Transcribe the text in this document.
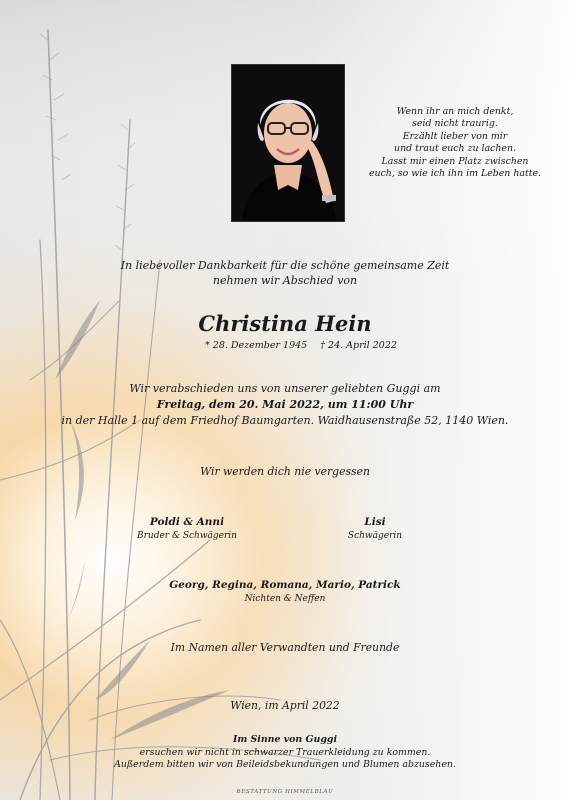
Wenn ihr an mich denkt,
seid nicht traurig.
Erzählt lieber von mir
und traut euch zu lachen.
Lasst mir einen Platz zwischen
euch, so wie ich ihn im Leben hatte.
In liebevoller Dankbarkeit für die schöne gemeinsame Zeit
nehmen wir Abschied von
Christina Hein
* 28. Dezember 1945 † 24. April 2022
Wir verabschieden uns von unserer geliebten Guggi am
Freitag, dem 20. Mai 2022, um 11:00 Uhr
in der Halle 1 auf dem Friedhof Baumgarten. Waidhausenstraße 52, 1140 Wien.
Wir werden dich nie vergessen
Poldi & Anni
Bruder & Schwägerin
Lisi
Schwägerin
Georg, Regina, Romana, Mario, Patrick
Nichten & Neffen
Im Namen aller Verwandten und Freunde
Wien, im April 2022
Im Sinne von Guggi
ersuchen wir nicht in schwarzer Trauerkleidung zu kommen.
Außerdem bitten wir von Beileidsbekundungen und Blumen abzusehen.
BESTATTUNG HIMMELBLAU
